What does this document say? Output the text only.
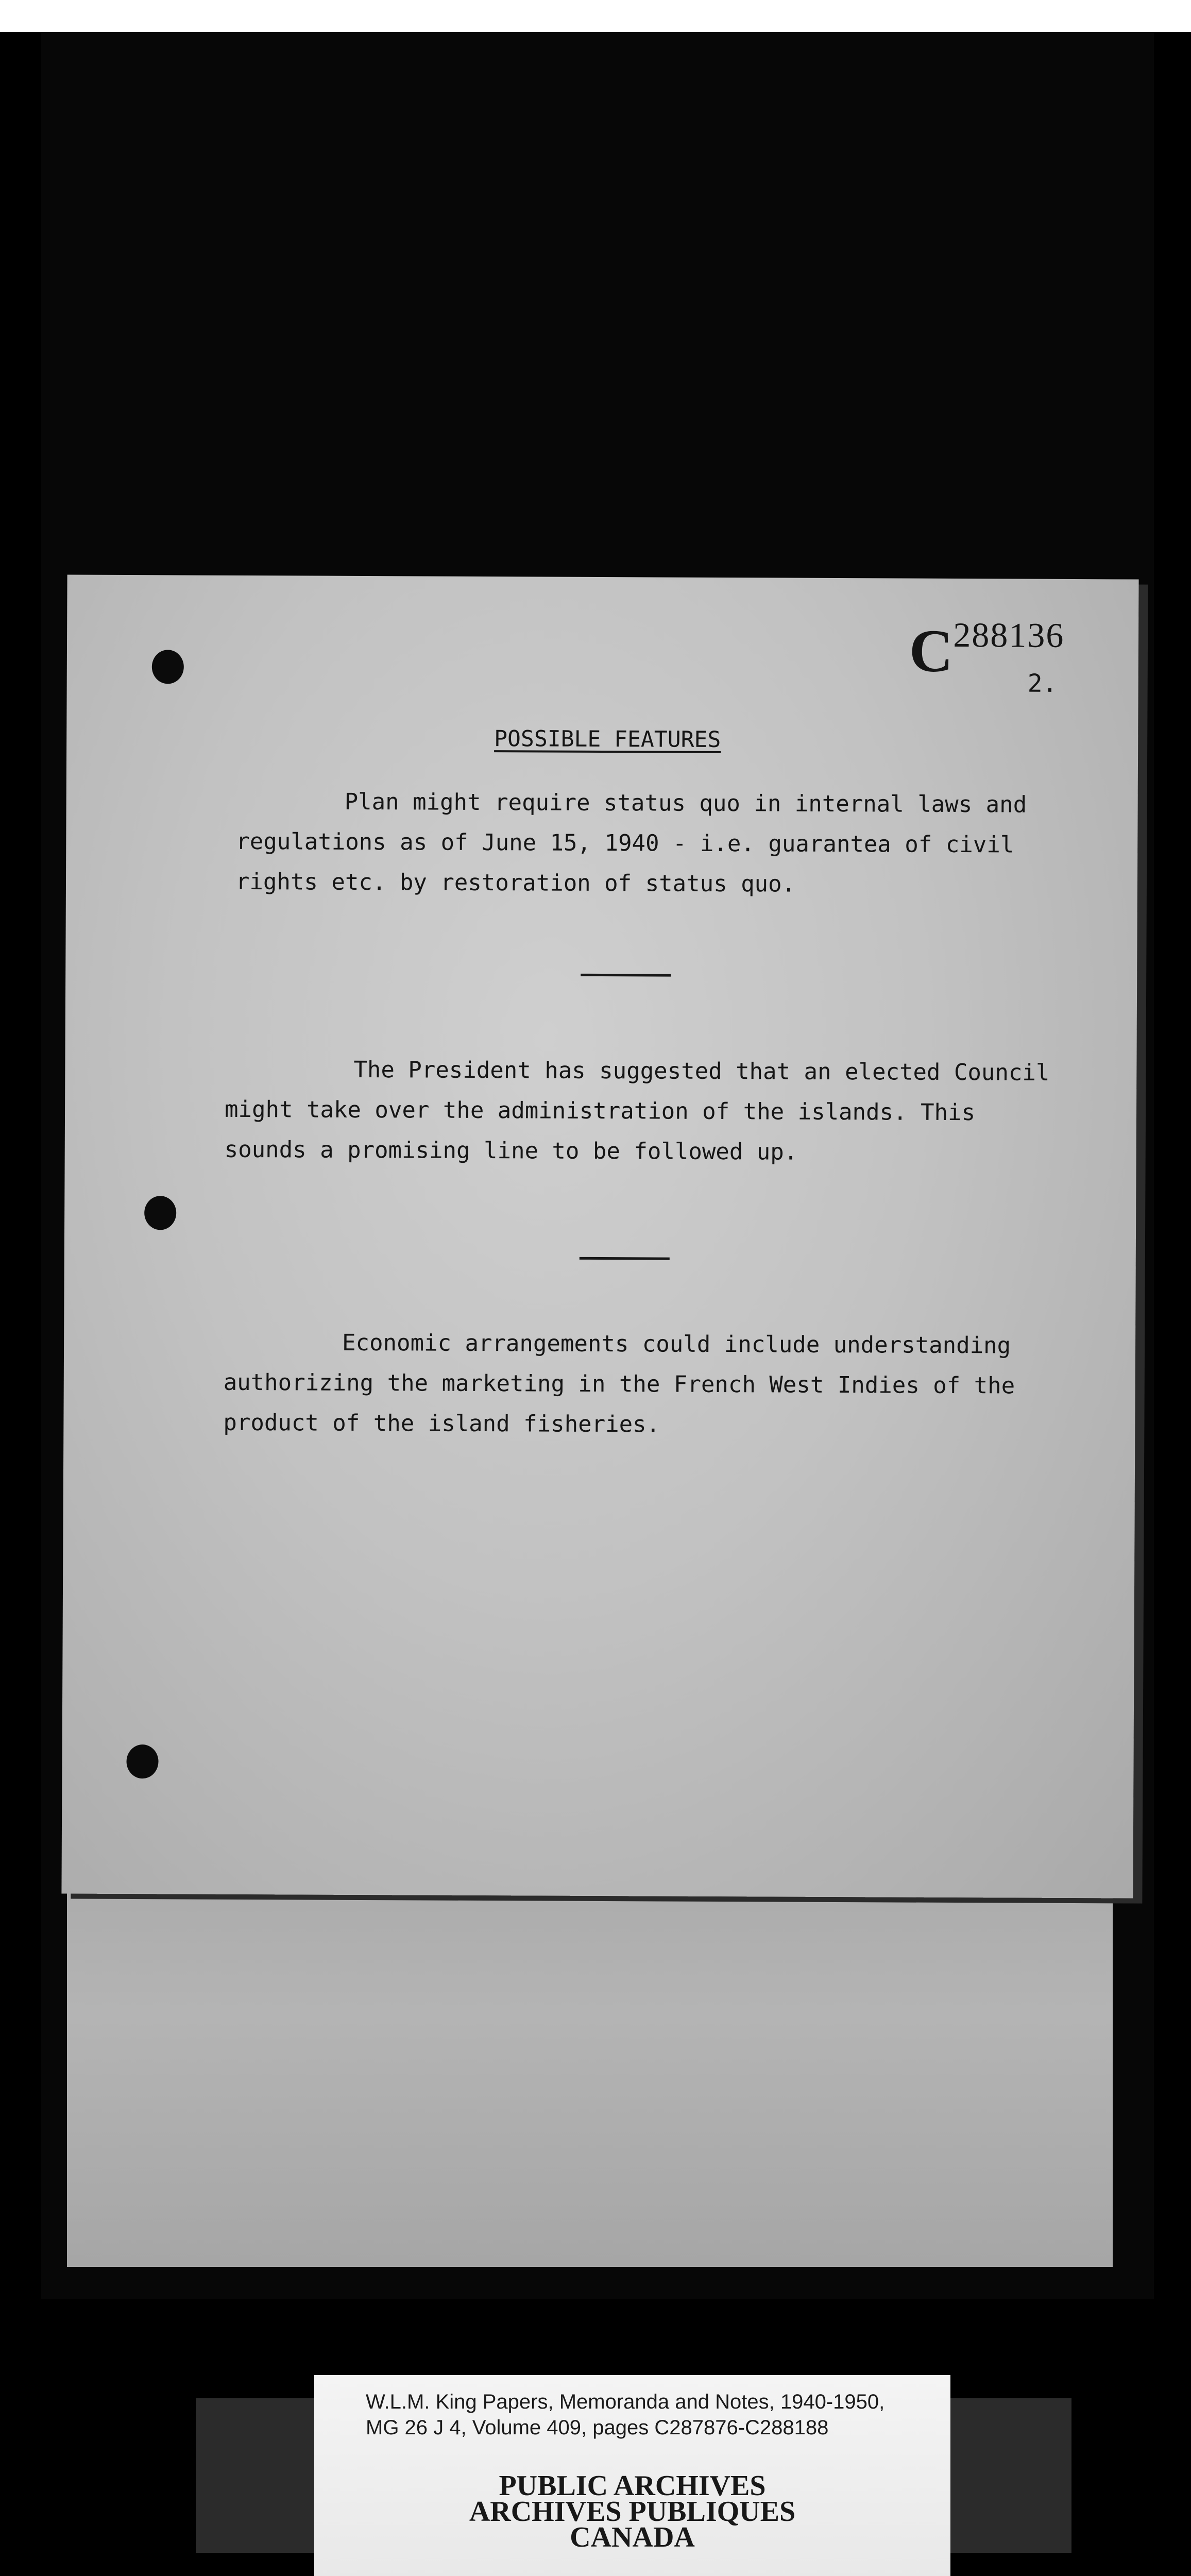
C288136
2.
POSSIBLE FEATURES
Plan might require status quo in internal laws and
regulations as of June 15, 1940 - i.e. guarantea of civil
rights etc. by restoration of status quo.
The President has suggested that an elected Council
might take over the administration of the islands. This
sounds a promising line to be followed up.
Economic arrangements could include understanding
authorizing the marketing in the French West Indies of the
product of the island fisheries.
W.L.M. King Papers, Memoranda and Notes, 1940-1950,
MG 26 J 4, Volume 409, pages C287876-C288188
PUBLIC ARCHIVES
ARCHIVES PUBLIQUES
CANADA
